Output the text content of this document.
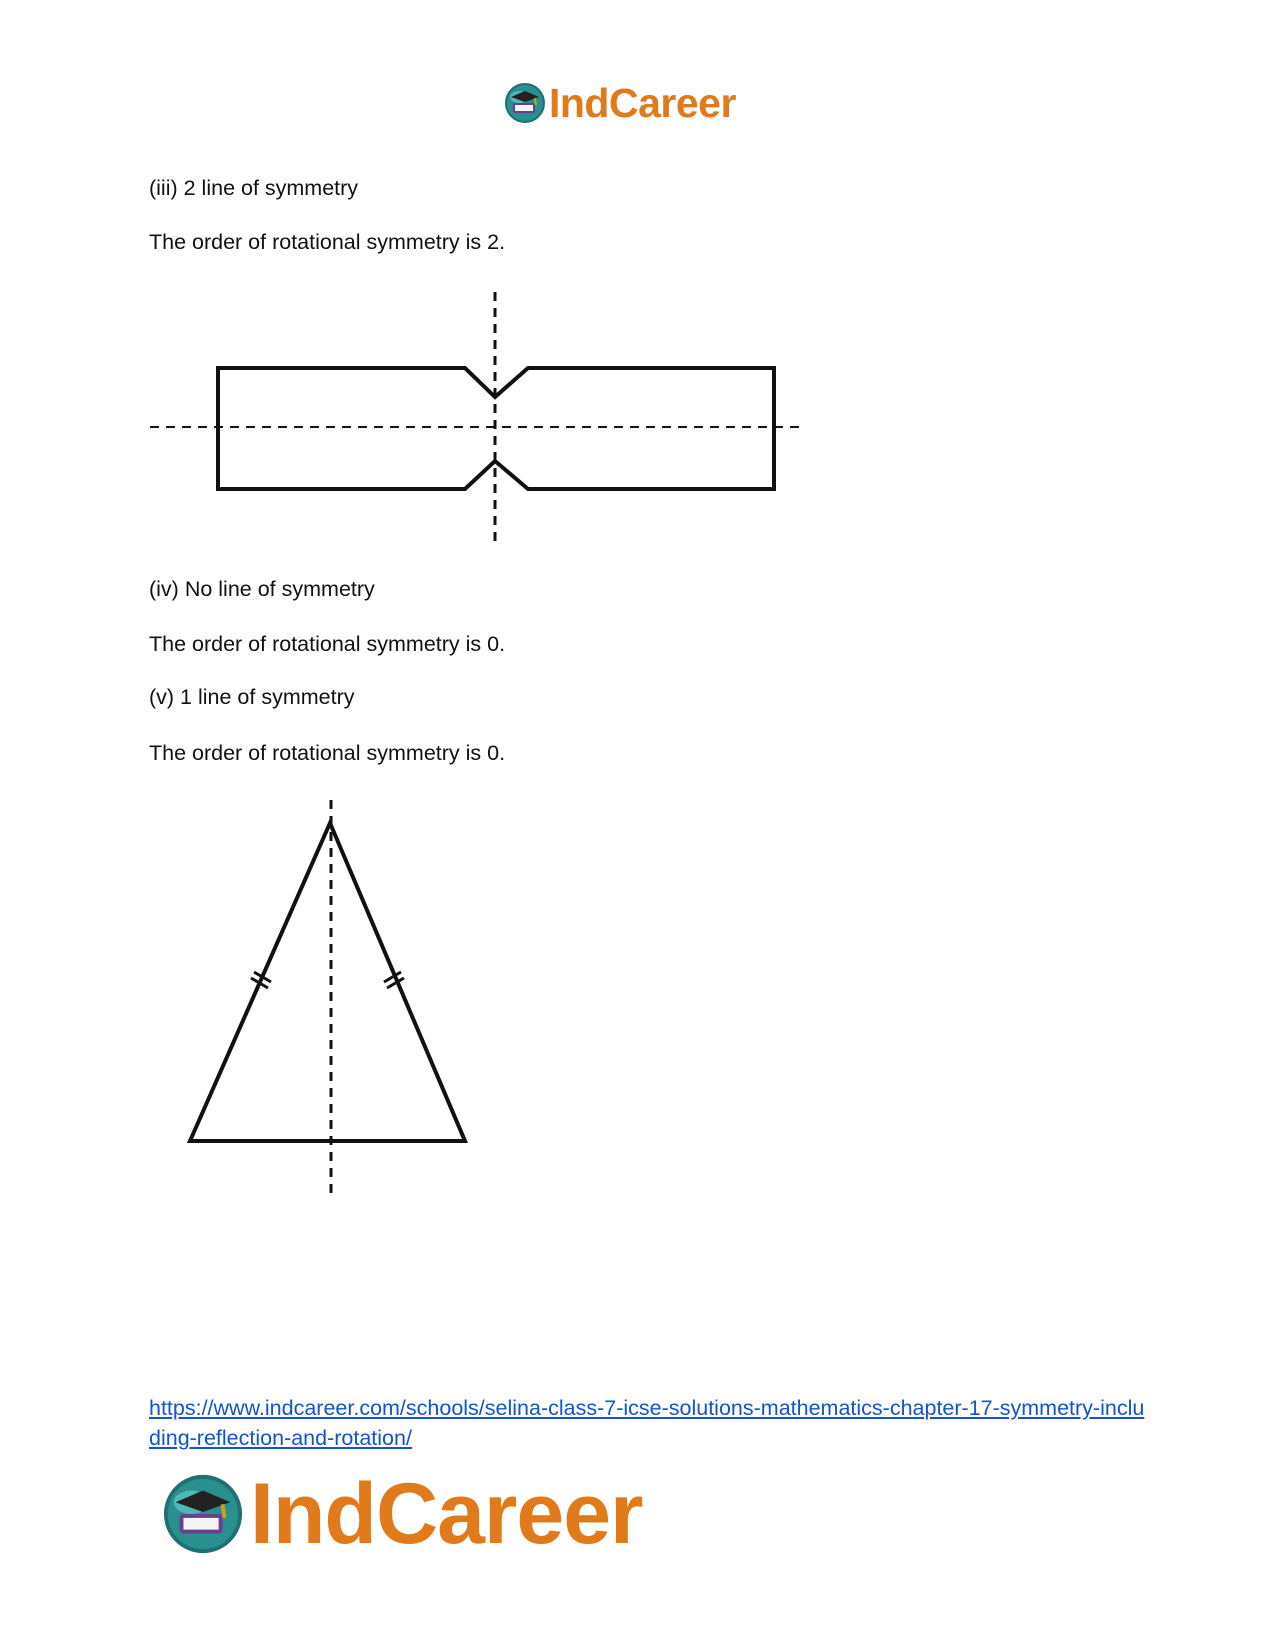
IndCareer

(iii) 2 line of symmetry

The order of rotational symmetry is 2.

(iv) No line of symmetry

The order of rotational symmetry is 0.

(v) 1 line of symmetry

The order of rotational symmetry is 0.

https://www.indcareer.com/schools/selina-class-7-icse-solutions-mathematics-chapter-17-symmetry-including-reflection-and-rotation/
IndCareer
